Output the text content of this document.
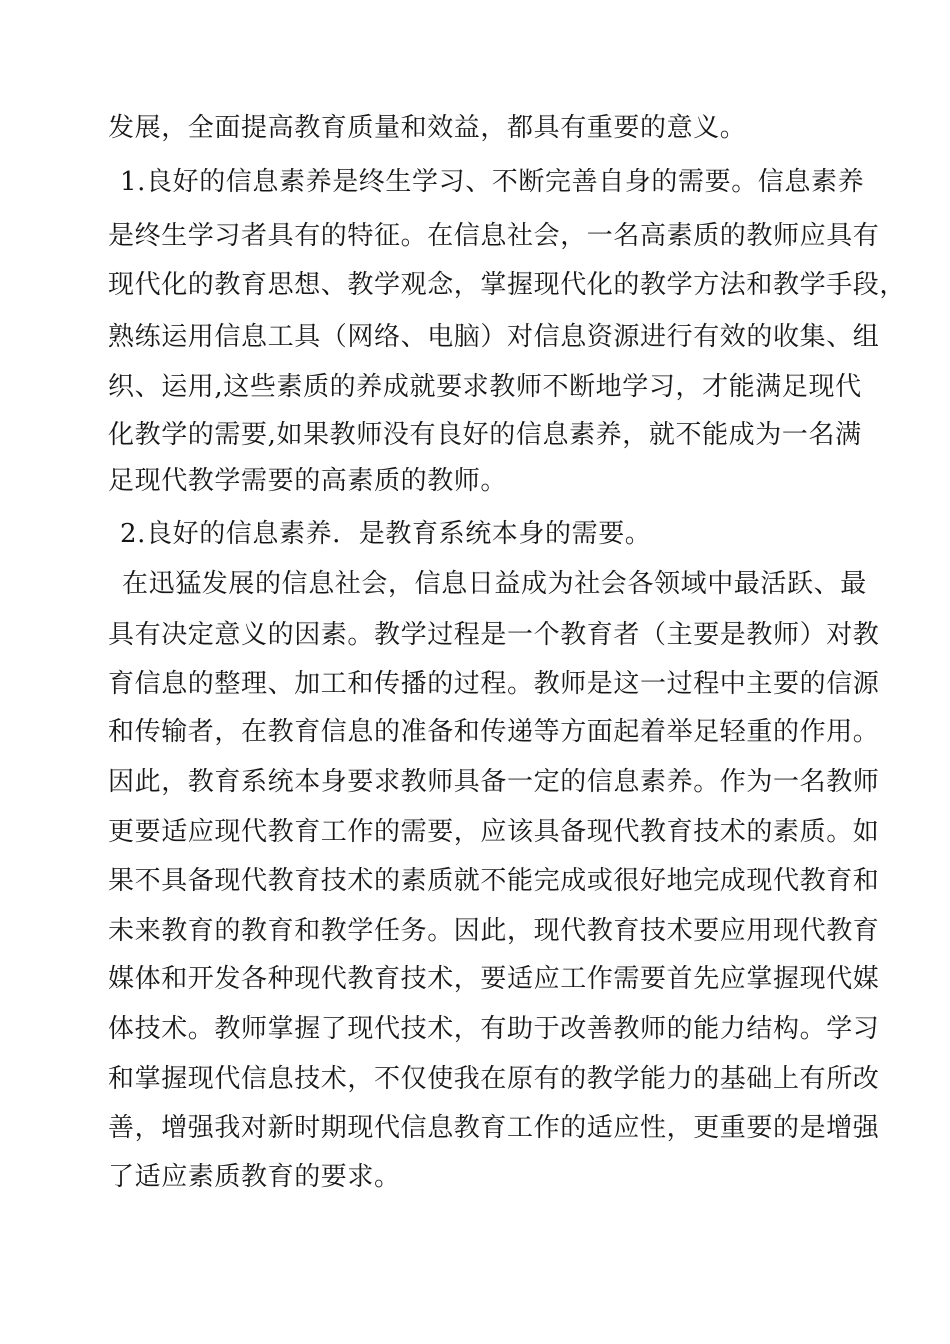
发展，全面提高教育质量和效益，都具有重要的意义。
1.良好的信息素养是终生学习、不断完善自身的需要。信息素养
是终生学习者具有的特征。在信息社会，一名高素质的教师应具有
现代化的教育思想、教学观念，掌握现代化的教学方法和教学手段，
熟练运用信息工具（网络、电脑）对信息资源进行有效的收集、组
织、运用,这些素质的养成就要求教师不断地学习，才能满足现代
化教学的需要,如果教师没有良好的信息素养，就不能成为一名满
足现代教学需要的高素质的教师。
2.良好的信息素养．是教育系统本身的需要。
在迅猛发展的信息社会，信息日益成为社会各领域中最活跃、最
具有决定意义的因素。教学过程是一个教育者（主要是教师）对教
育信息的整理、加工和传播的过程。教师是这一过程中主要的信源
和传输者，在教育信息的准备和传递等方面起着举足轻重的作用。
因此，教育系统本身要求教师具备一定的信息素养。作为一名教师
更要适应现代教育工作的需要，应该具备现代教育技术的素质。如
果不具备现代教育技术的素质就不能完成或很好地完成现代教育和
未来教育的教育和教学任务。因此，现代教育技术要应用现代教育
媒体和开发各种现代教育技术，要适应工作需要首先应掌握现代媒
体技术。教师掌握了现代技术，有助于改善教师的能力结构。学习
和掌握现代信息技术，不仅使我在原有的教学能力的基础上有所改
善，增强我对新时期现代信息教育工作的适应性，更重要的是增强
了适应素质教育的要求。
